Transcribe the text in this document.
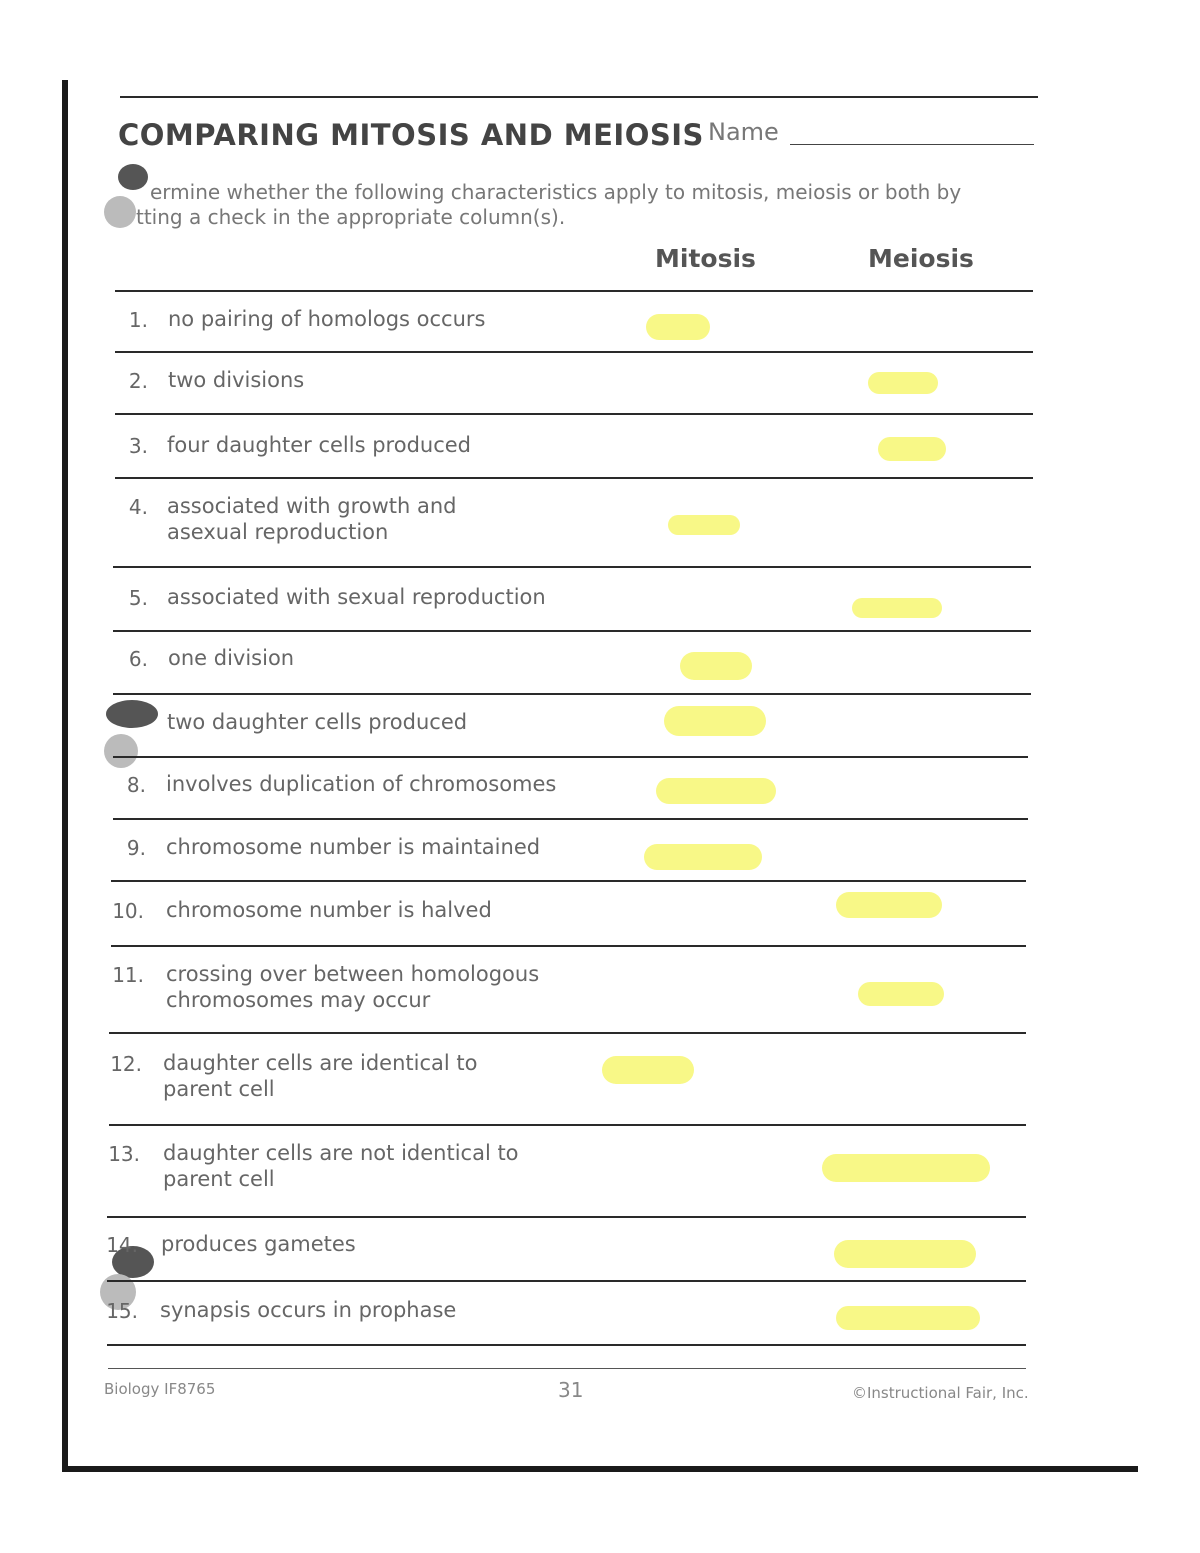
COMPARING MITOSIS AND MEIOSIS Name
ermine whether the following characteristics apply to mitosis, meiosis or both by
tting a check in the appropriate column(s).
Mitosis	Meiosis
1. no pairing of homologs occurs
2. two divisions
3. four daughter cells produced
4. associated with growth and
asexual reproduction
5. associated with sexual reproduction
6. one division
two daughter cells produced
8. involves duplication of chromosomes
9. chromosome number is maintained
10. chromosome number is halved
11. crossing over between homologous
chromosomes may occur
12. daughter cells are identical to
parent cell
13. daughter cells are not identical to
parent cell
14. produces gametes
15. synapsis occurs in prophase
Biology IF8765	31	©Instructional Fair, Inc.
